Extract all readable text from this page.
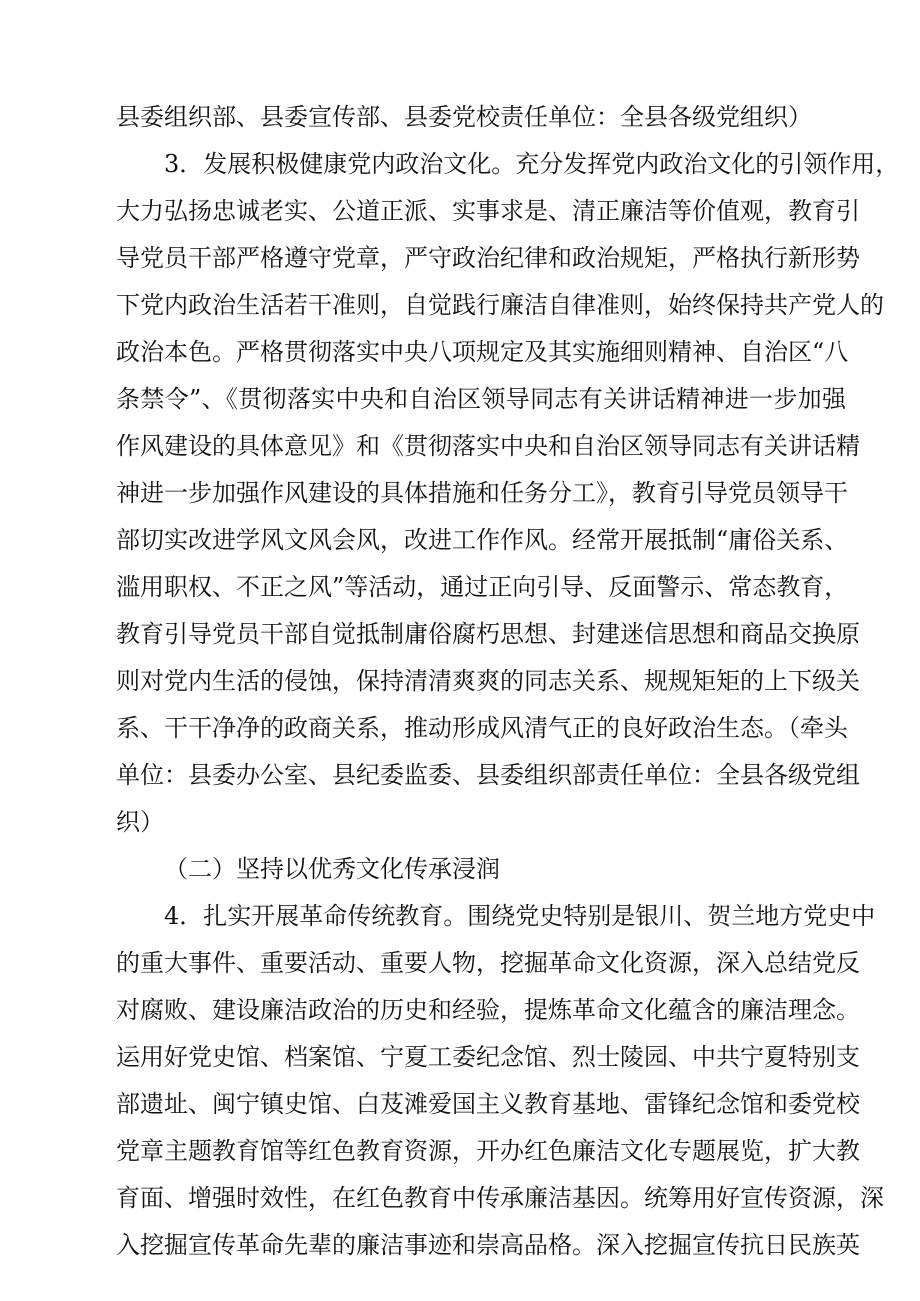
县委组织部、县委宣传部、县委党校责任单位：全县各级党组织）
3．发展积极健康党内政治文化。充分发挥党内政治文化的引领作用，
大力弘扬忠诚老实、公道正派、实事求是、清正廉洁等价值观，教育引
导党员干部严格遵守党章，严守政治纪律和政治规矩，严格执行新形势
下党内政治生活若干准则，自觉践行廉洁自律准则，始终保持共产党人的
政治本色。严格贯彻落实中央八项规定及其实施细则精神、自治区“八
条禁令”、《贯彻落实中央和自治区领导同志有关讲话精神进一步加强
作风建设的具体意见》和《贯彻落实中央和自治区领导同志有关讲话精
神进一步加强作风建设的具体措施和任务分工》，教育引导党员领导干
部切实改进学风文风会风，改进工作作风。经常开展抵制“庸俗关系、
滥用职权、不正之风”等活动，通过正向引导、反面警示、常态教育，
教育引导党员干部自觉抵制庸俗腐朽思想、封建迷信思想和商品交换原
则对党内生活的侵蚀，保持清清爽爽的同志关系、规规矩矩的上下级关
系、干干净净的政商关系，推动形成风清气正的良好政治生态。（牵头
单位：县委办公室、县纪委监委、县委组织部责任单位：全县各级党组
织）
（二）坚持以优秀文化传承浸润
4．扎实开展革命传统教育。围绕党史特别是银川、贺兰地方党史中
的重大事件、重要活动、重要人物，挖掘革命文化资源，深入总结党反
对腐败、建设廉洁政治的历史和经验，提炼革命文化蕴含的廉洁理念。
运用好党史馆、档案馆、宁夏工委纪念馆、烈士陵园、中共宁夏特别支
部遗址、闽宁镇史馆、白芨滩爱国主义教育基地、雷锋纪念馆和委党校
党章主题教育馆等红色教育资源，开办红色廉洁文化专题展览，扩大教
育面、增强时效性，在红色教育中传承廉洁基因。统筹用好宣传资源，深
入挖掘宣传革命先辈的廉洁事迹和崇高品格。深入挖掘宣传抗日民族英
